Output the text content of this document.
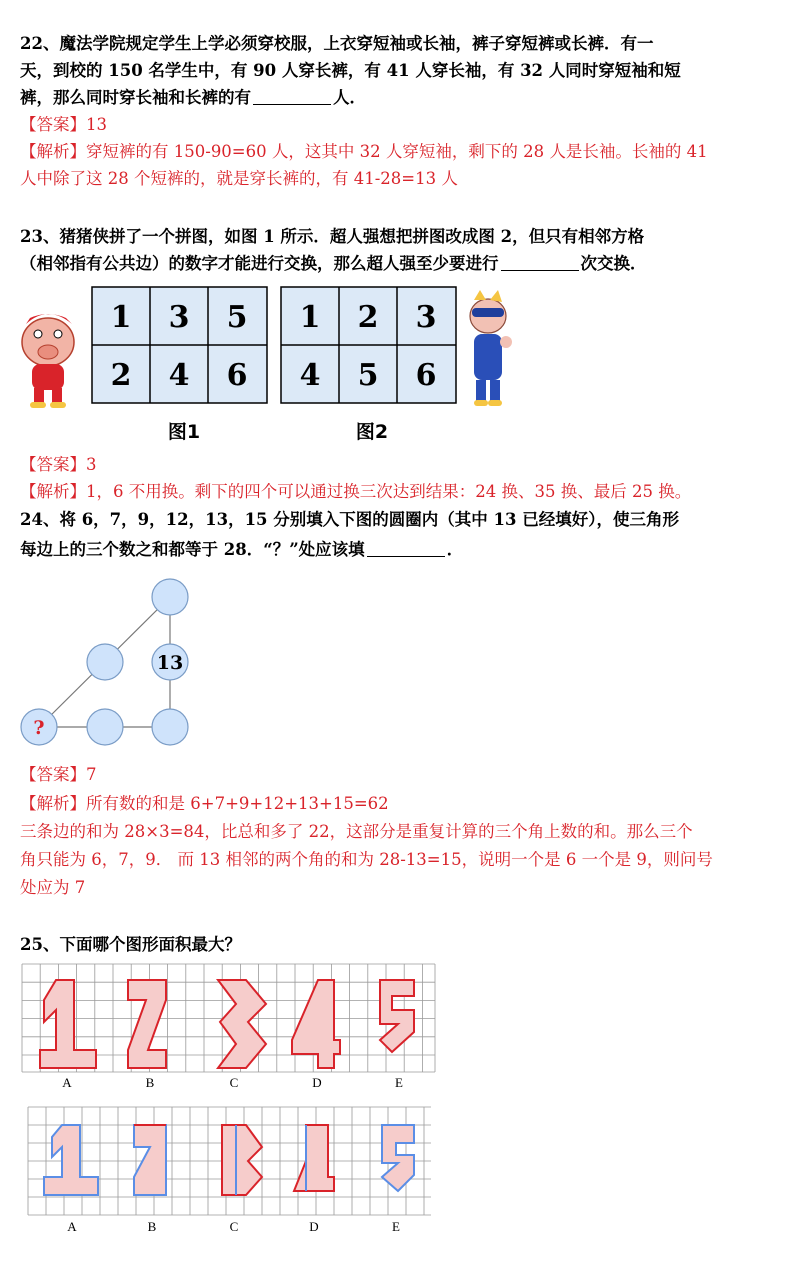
22、魔法学院规定学生上学必须穿校服，上衣穿短袖或长袖，裤子穿短裤或长裤．有一
天，到校的 150 名学生中，有 90 人穿长裤，有 41 人穿长袖，有 32 人同时穿短袖和短
裤，那么同时穿长袖和长裤的有	人．
【答案】13
【解析】穿短裤的有 150-90=60 人，这其中 32 人穿短袖，剩下的 28 人是长袖。长袖的 41
人中除了这 28 个短裤的，就是穿长裤的，有 41-28=13 人
23、猪猪侠拼了一个拼图，如图 1 所示．超人强想把拼图改成图 2，但只有相邻方格
（相邻指有公共边）的数字才能进行交换，那么超人强至少要进行	次交换．
1 3 5
2 4 6
1 2 3
4 5 6
图1	图2
【答案】3
【解析】1，6 不用换。剩下的四个可以通过换三次达到结果：24 换、35 换、最后 25 换。
24、将 6，7，9，12，13，15 分别填入下图的圆圈内（其中 13 已经填好），使三角形
每边上的三个数之和都等于 28．“？”处应该填	．
13
?
【答案】7
【解析】所有数的和是 6+7+9+12+13+15=62
三条边的和为 28×3=84，比总和多了 22，这部分是重复计算的三个角上数的和。那么三个
角只能为 6，7，9． 而 13 相邻的两个角的和为 28-13=15，说明一个是 6 一个是 9，则问号
处应为 7
25、下面哪个图形面积最大？
A	B	C	D	E
A	B	C	D	E
